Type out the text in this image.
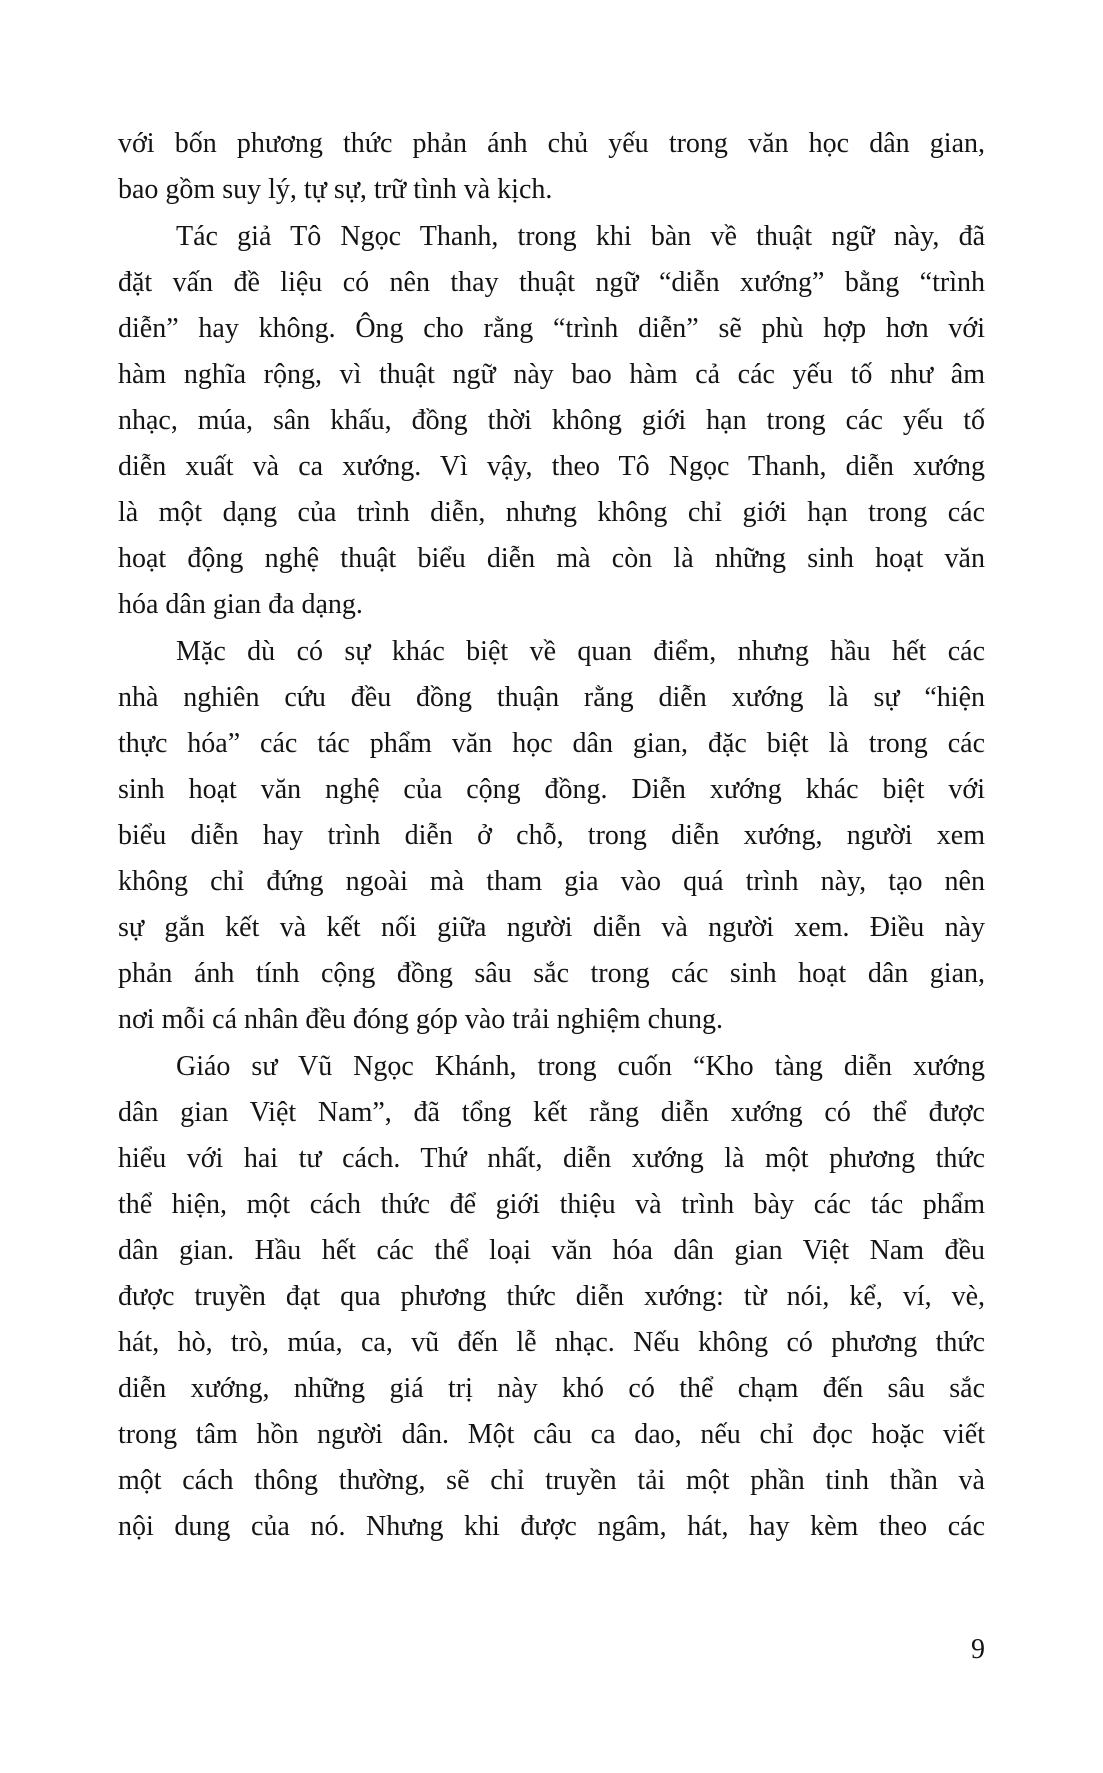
với bốn phương thức phản ánh chủ yếu trong văn học dân gian,
bao gồm suy lý, tự sự, trữ tình và kịch.
Tác giả Tô Ngọc Thanh, trong khi bàn về thuật ngữ này, đã
đặt vấn đề liệu có nên thay thuật ngữ “diễn xướng” bằng “trình
diễn” hay không. Ông cho rằng “trình diễn” sẽ phù hợp hơn với
hàm nghĩa rộng, vì thuật ngữ này bao hàm cả các yếu tố như âm
nhạc, múa, sân khấu, đồng thời không giới hạn trong các yếu tố
diễn xuất và ca xướng. Vì vậy, theo Tô Ngọc Thanh, diễn xướng
là một dạng của trình diễn, nhưng không chỉ giới hạn trong các
hoạt động nghệ thuật biểu diễn mà còn là những sinh hoạt văn
hóa dân gian đa dạng.
Mặc dù có sự khác biệt về quan điểm, nhưng hầu hết các
nhà nghiên cứu đều đồng thuận rằng diễn xướng là sự “hiện
thực hóa” các tác phẩm văn học dân gian, đặc biệt là trong các
sinh hoạt văn nghệ của cộng đồng. Diễn xướng khác biệt với
biểu diễn hay trình diễn ở chỗ, trong diễn xướng, người xem
không chỉ đứng ngoài mà tham gia vào quá trình này, tạo nên
sự gắn kết và kết nối giữa người diễn và người xem. Điều này
phản ánh tính cộng đồng sâu sắc trong các sinh hoạt dân gian,
nơi mỗi cá nhân đều đóng góp vào trải nghiệm chung.
Giáo sư Vũ Ngọc Khánh, trong cuốn “Kho tàng diễn xướng
dân gian Việt Nam”, đã tổng kết rằng diễn xướng có thể được
hiểu với hai tư cách. Thứ nhất, diễn xướng là một phương thức
thể hiện, một cách thức để giới thiệu và trình bày các tác phẩm
dân gian. Hầu hết các thể loại văn hóa dân gian Việt Nam đều
được truyền đạt qua phương thức diễn xướng: từ nói, kể, ví, vè,
hát, hò, trò, múa, ca, vũ đến lễ nhạc. Nếu không có phương thức
diễn xướng, những giá trị này khó có thể chạm đến sâu sắc
trong tâm hồn người dân. Một câu ca dao, nếu chỉ đọc hoặc viết
một cách thông thường, sẽ chỉ truyền tải một phần tinh thần và
nội dung của nó. Nhưng khi được ngâm, hát, hay kèm theo các
9
